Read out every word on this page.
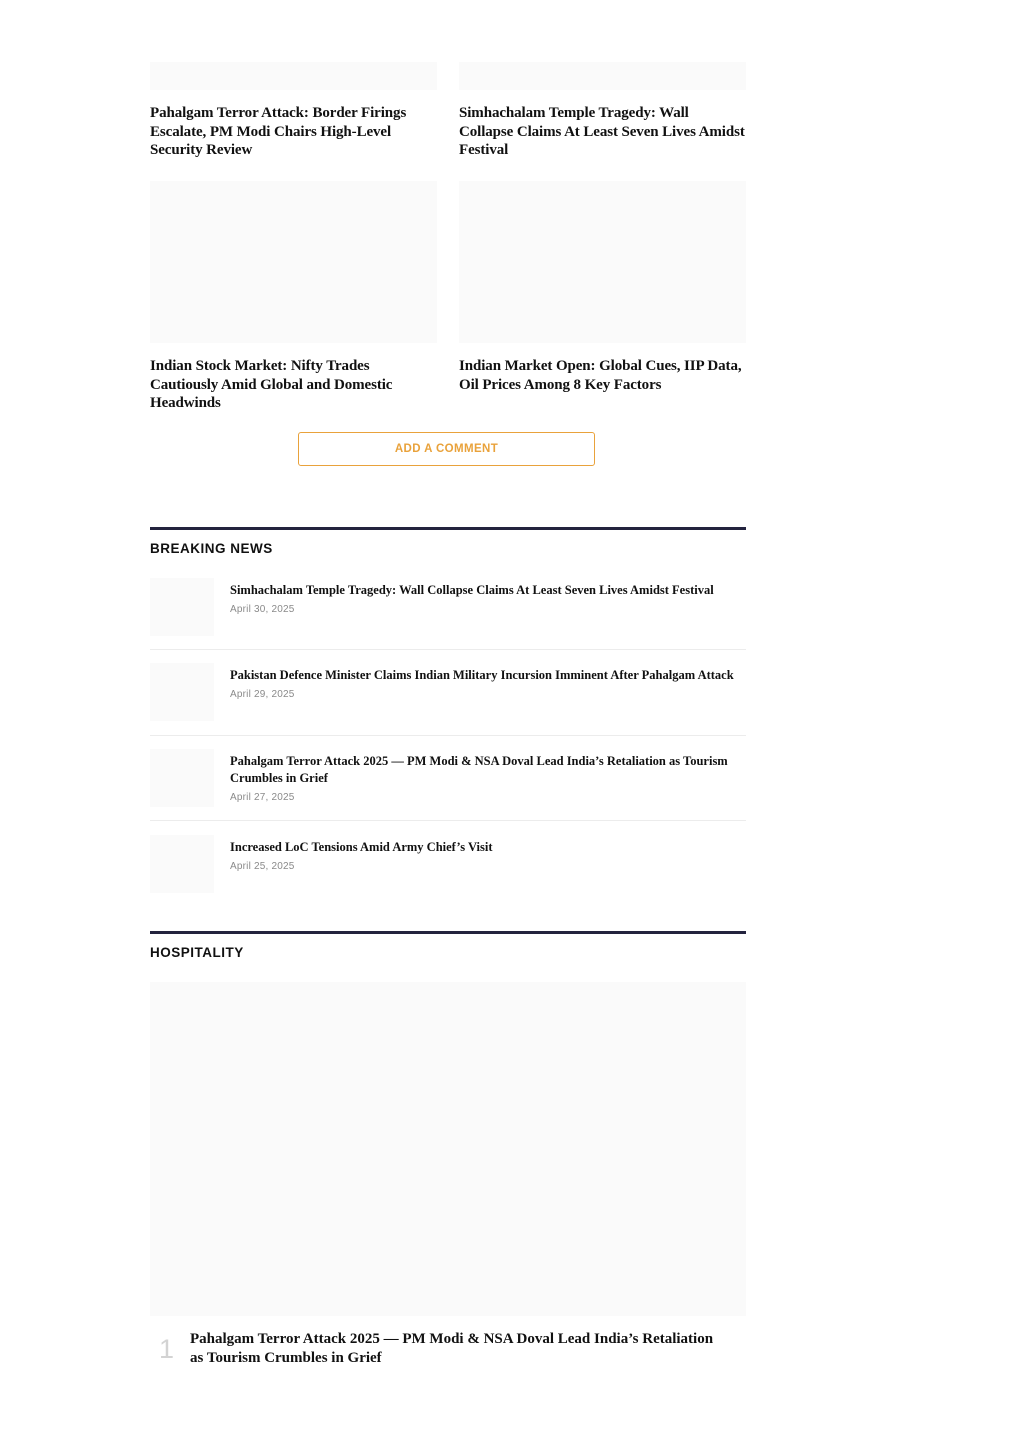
Pahalgam Terror Attack: Border Firings Escalate, PM Modi Chairs High-Level Security Review
Simhachalam Temple Tragedy: Wall Collapse Claims At Least Seven Lives Amidst Festival
Indian Stock Market: Nifty Trades Cautiously Amid Global and Domestic Headwinds
Indian Market Open: Global Cues, IIP Data, Oil Prices Among 8 Key Factors
ADD A COMMENT
BREAKING NEWS
Simhachalam Temple Tragedy: Wall Collapse Claims At Least Seven Lives Amidst Festival
April 30, 2025
Pakistan Defence Minister Claims Indian Military Incursion Imminent After Pahalgam Attack
April 29, 2025
Pahalgam Terror Attack 2025 — PM Modi & NSA Doval Lead India’s Retaliation as Tourism Crumbles in Grief
April 27, 2025
Increased LoC Tensions Amid Army Chief’s Visit
April 25, 2025
HOSPITALITY
1 Pahalgam Terror Attack 2025 — PM Modi & NSA Doval Lead India’s Retaliation as Tourism Crumbles in Grief
